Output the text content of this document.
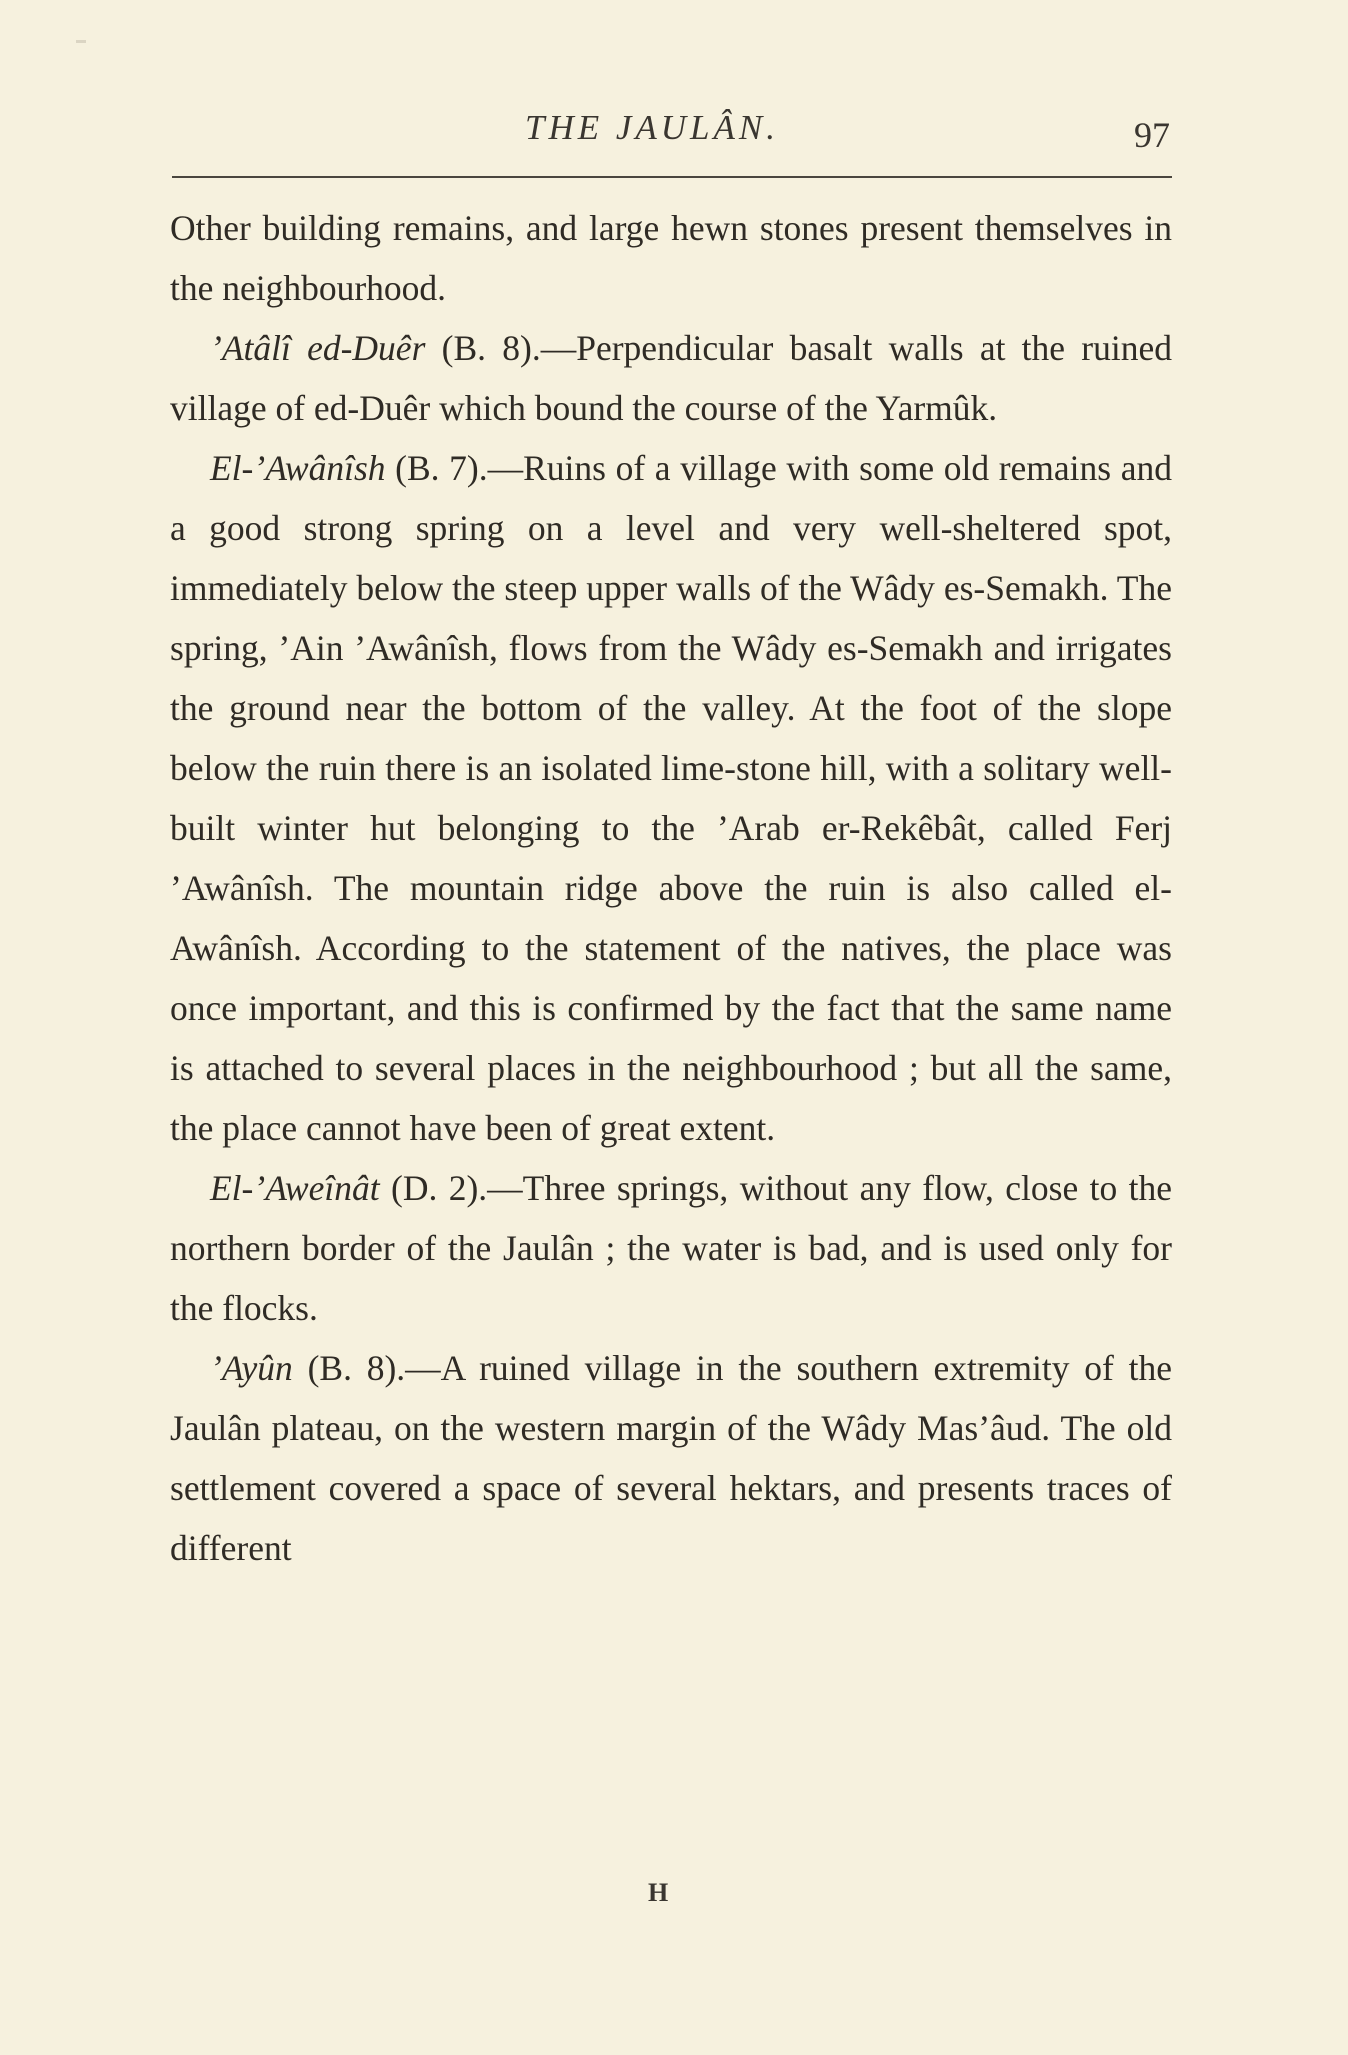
THE JAULÂN.	97

Other building remains, and large hewn stones present themselves in the neighbourhood.

’Atâlî ed-Duêr (B. 8).—Perpendicular basalt walls at the ruined village of ed-Duêr which bound the course of the Yarmûk.

El-’Awânîsh (B. 7).—Ruins of a village with some old remains and a good strong spring on a level and very well-sheltered spot, immediately below the steep upper walls of the Wâdy es-Semakh. The spring, ’Ain ’Awânîsh, flows from the Wâdy es-Semakh and irrigates the ground near the bottom of the valley. At the foot of the slope below the ruin there is an isolated lime-stone hill, with a solitary well-built winter hut belonging to the ’Arab er-Rekêbât, called Ferj ’Awânîsh. The mountain ridge above the ruin is also called el-Awânîsh. According to the statement of the natives, the place was once important, and this is confirmed by the fact that the same name is attached to several places in the neighbourhood ; but all the same, the place cannot have been of great extent.

El-’Aweînât (D. 2).—Three springs, without any flow, close to the northern border of the Jaulân ; the water is bad, and is used only for the flocks.

’Ayûn (B. 8).—A ruined village in the southern extremity of the Jaulân plateau, on the western margin of the Wâdy Mas’âud. The old settlement covered a space of several hektars, and presents traces of different

H
